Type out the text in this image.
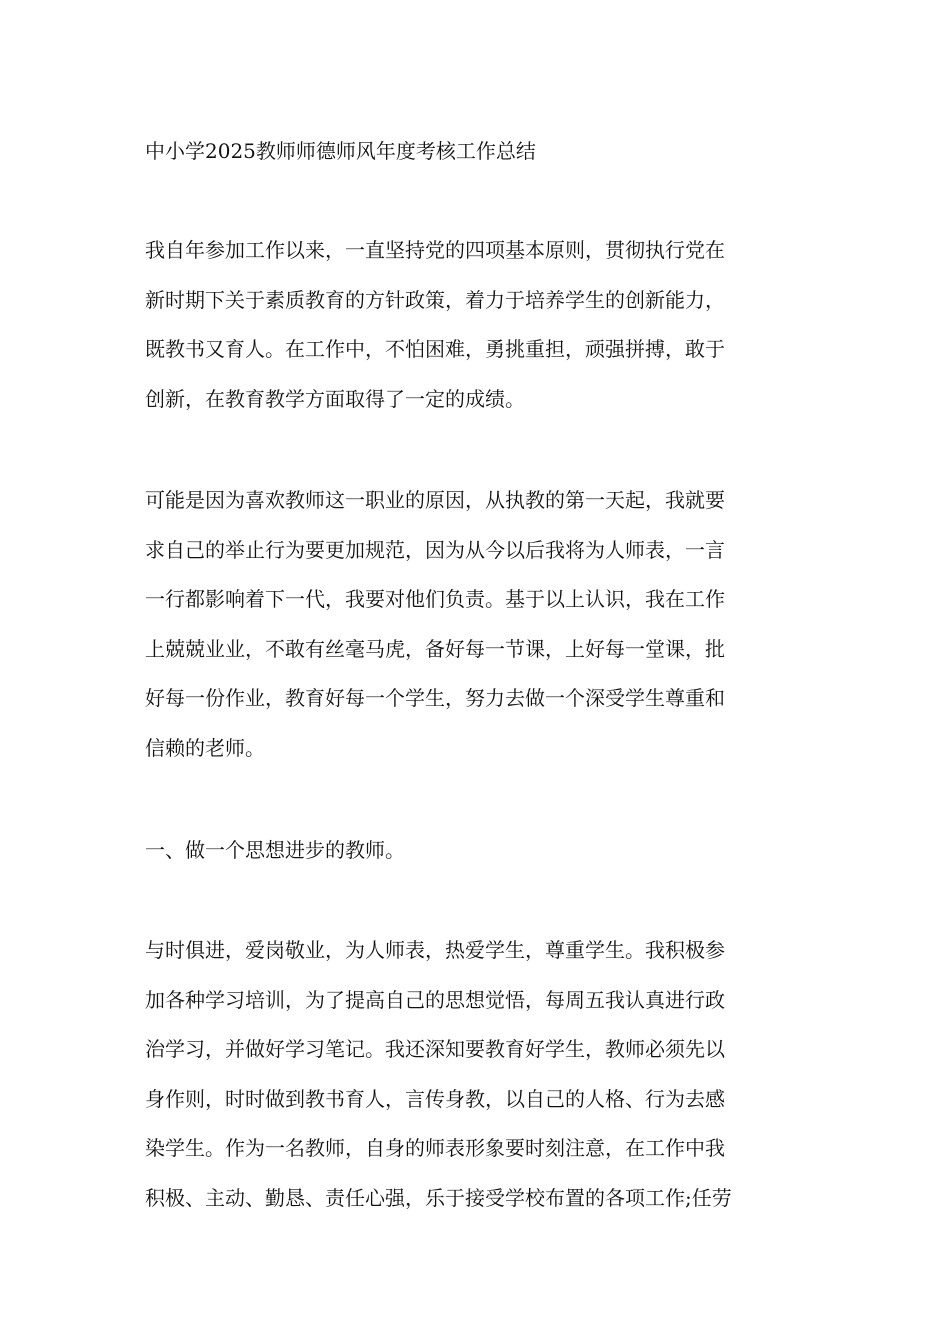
中小学2025教师师德师风年度考核工作总结

我自年参加工作以来，一直坚持党的四项基本原则，贯彻执行党在
新时期下关于素质教育的方针政策，着力于培养学生的创新能力，
既教书又育人。在工作中，不怕困难，勇挑重担，顽强拼搏，敢于
创新，在教育教学方面取得了一定的成绩。

可能是因为喜欢教师这一职业的原因，从执教的第一天起，我就要
求自己的举止行为要更加规范，因为从今以后我将为人师表，一言
一行都影响着下一代，我要对他们负责。基于以上认识，我在工作
上兢兢业业，不敢有丝毫马虎，备好每一节课，上好每一堂课，批
好每一份作业，教育好每一个学生，努力去做一个深受学生尊重和
信赖的老师。

一、做一个思想进步的教师。

与时俱进，爱岗敬业，为人师表，热爱学生，尊重学生。我积极参
加各种学习培训，为了提高自己的思想觉悟，每周五我认真进行政
治学习，并做好学习笔记。我还深知要教育好学生，教师必须先以
身作则，时时做到教书育人，言传身教，以自己的人格、行为去感
染学生。作为一名教师，自身的师表形象要时刻注意，在工作中我
积极、主动、勤恳、责任心强，乐于接受学校布置的各项工作;任劳
